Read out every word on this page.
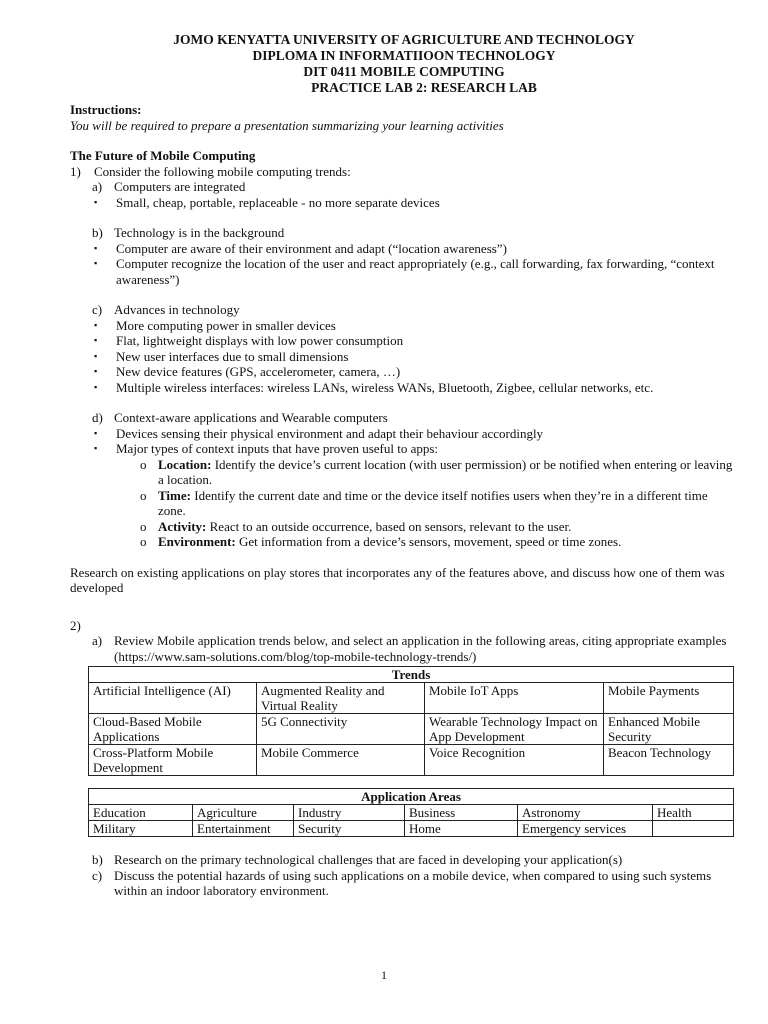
JOMO KENYATTA UNIVERSITY OF AGRICULTURE AND TECHNOLOGY
DIPLOMA IN INFORMATIIOON TECHNOLOGY
DIT 0411 MOBILE COMPUTING
PRACTICE LAB 2: RESEARCH LAB
Instructions:
You will be required to prepare a presentation summarizing your learning activities
The Future of Mobile Computing
1)	Consider the following mobile computing trends:
a) Computers are integrated
▪	Small, cheap, portable, replaceable - no more separate devices
b) Technology is in the background
▪	Computer are aware of their environment and adapt (“location awareness”)
▪	Computer recognize the location of the user and react appropriately (e.g., call forwarding, fax forwarding, “context awareness”)
c) Advances in technology
▪	More computing power in smaller devices
▪	Flat, lightweight displays with low power consumption
▪	New user interfaces due to small dimensions
▪	New device features (GPS, accelerometer, camera, …)
▪	Multiple wireless interfaces: wireless LANs, wireless WANs, Bluetooth, Zigbee, cellular networks, etc.
d) Context-aware applications and Wearable computers
▪	Devices sensing their physical environment and adapt their behaviour accordingly
▪	Major types of context inputs that have proven useful to apps:
o Location: Identify the device’s current location (with user permission) or be notified when entering or leaving a location.
o Time: Identify the current date and time or the device itself notifies users when they’re in a different time zone.
o Activity: React to an outside occurrence, based on sensors, relevant to the user.
o Environment: Get information from a device’s sensors, movement, speed or time zones.
Research on existing applications on play stores that incorporates any of the features above, and discuss how one of them was developed
2)
a) Review Mobile application trends below, and select an application in the following areas, citing appropriate examples (https://www.sam-solutions.com/blog/top-mobile-technology-trends/)
Trends			
Artificial Intelligence (AI)	Augmented Reality and Virtual Reality	Mobile IoT Apps	Mobile Payments
Cloud-Based Mobile Applications	5G Connectivity	Wearable Technology Impact on App Development	Enhanced Mobile Security
Cross-Platform Mobile Development	Mobile Commerce	Voice Recognition	Beacon Technology
Application Areas					
Education	Agriculture	Industry	Business	Astronomy	Health
Military	Entertainment	Security	Home	Emergency services	
b) Research on the primary technological challenges that are faced in developing your application(s)
c) Discuss the potential hazards of using such applications on a mobile device, when compared to using such systems within an indoor laboratory environment.
1
